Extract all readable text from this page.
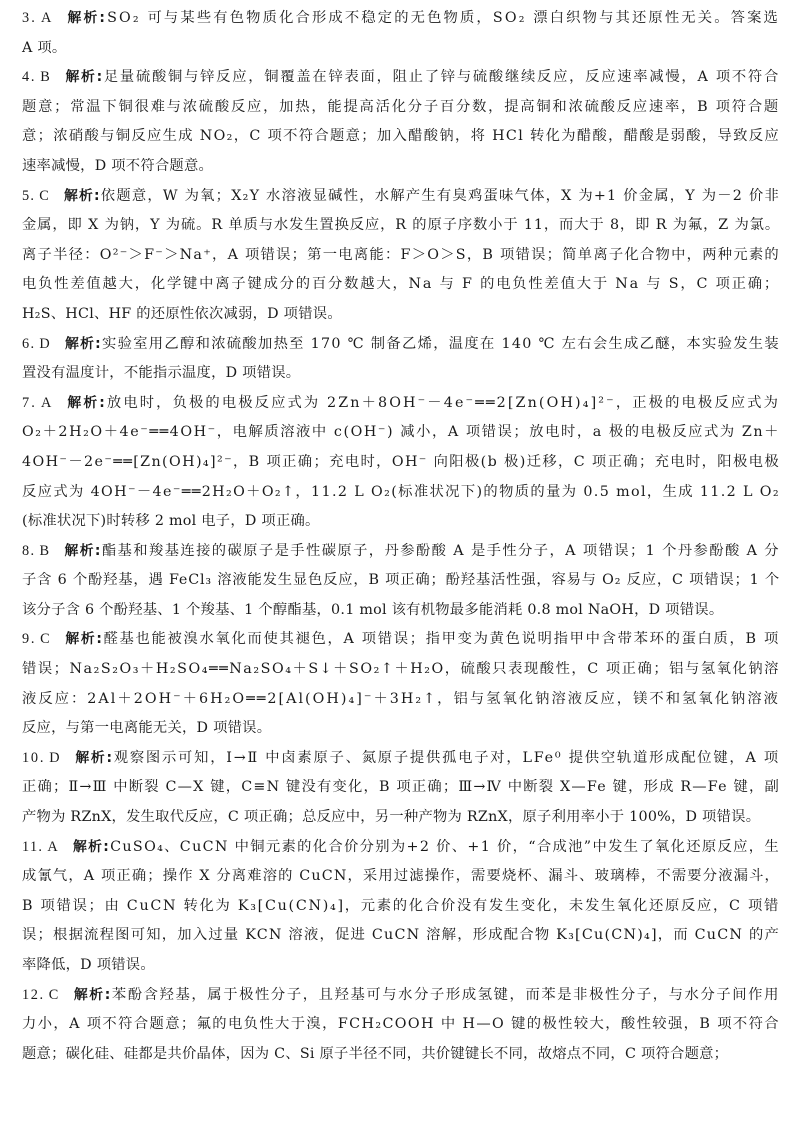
3. A 解析:SO₂ 可与某些有色物质化合形成不稳定的无色物质，SO₂ 漂白织物与其还原性无关。答案选
A 项。
4. B 解析:足量硫酸铜与锌反应，铜覆盖在锌表面，阻止了锌与硫酸继续反应，反应速率减慢，A 项不符合
题意；常温下铜很难与浓硫酸反应，加热，能提高活化分子百分数，提高铜和浓硫酸反应速率，B 项符合题
意；浓硝酸与铜反应生成 NO₂，C 项不符合题意；加入醋酸钠，将 HCl 转化为醋酸，醋酸是弱酸，导致反应
速率减慢，D 项不符合题意。
5. C 解析:依题意，W 为氧；X₂Y 水溶液显碱性，水解产生有臭鸡蛋味气体，X 为+1 价金属，Y 为－2 价非
金属，即 X 为钠，Y 为硫。R 单质与水发生置换反应，R 的原子序数小于 11，而大于 8，即 R 为氟，Z 为氯。
离子半径：O²⁻＞F⁻＞Na⁺，A 项错误；第一电离能：F＞O＞S，B 项错误；简单离子化合物中，两种元素的
电负性差值越大，化学键中离子键成分的百分数越大，Na 与 F 的电负性差值大于 Na 与 S，C 项正确；
H₂S、HCl、HF 的还原性依次减弱，D 项错误。
6. D 解析:实验室用乙醇和浓硫酸加热至 170 ℃ 制备乙烯，温度在 140 ℃ 左右会生成乙醚，本实验发生装
置没有温度计，不能指示温度，D 项错误。
7. A 解析:放电时，负极的电极反应式为 2Zn＋8OH⁻－4e⁻══2[Zn(OH)₄]²⁻，正极的电极反应式为
O₂＋2H₂O＋4e⁻══4OH⁻，电解质溶液中 c(OH⁻) 减小，A 项错误；放电时，a 极的电极反应式为 Zn＋
4OH⁻－2e⁻══[Zn(OH)₄]²⁻，B 项正确；充电时，OH⁻ 向阳极(b 极)迁移，C 项正确；充电时，阳极电极
反应式为 4OH⁻－4e⁻══2H₂O＋O₂↑，11.2 L O₂(标准状况下)的物质的量为 0.5 mol，生成 11.2 L O₂
(标准状况下)时转移 2 mol 电子，D 项正确。
8. B 解析:酯基和羧基连接的碳原子是手性碳原子，丹参酚酸 A 是手性分子，A 项错误；1 个丹参酚酸 A 分
子含 6 个酚羟基，遇 FeCl₃ 溶液能发生显色反应，B 项正确；酚羟基活性强，容易与 O₂ 反应，C 项错误；1 个
该分子含 6 个酚羟基、1 个羧基、1 个醇酯基，0.1 mol 该有机物最多能消耗 0.8 mol NaOH，D 项错误。
9. C 解析:醛基也能被溴水氧化而使其褪色，A 项错误；指甲变为黄色说明指甲中含带苯环的蛋白质，B 项
错误；Na₂S₂O₃＋H₂SO₄══Na₂SO₄＋S↓＋SO₂↑＋H₂O，硫酸只表现酸性，C 项正确；铝与氢氧化钠溶
液反应：2Al＋2OH⁻＋6H₂O══2[Al(OH)₄]⁻＋3H₂↑，铝与氢氧化钠溶液反应，镁不和氢氧化钠溶液
反应，与第一电离能无关，D 项错误。
10. D 解析:观察图示可知，Ⅰ→Ⅱ 中卤素原子、氮原子提供孤电子对，LFe⁰ 提供空轨道形成配位键，A 项
正确；Ⅱ→Ⅲ 中断裂 C—X 键，C≡N 键没有变化，B 项正确；Ⅲ→Ⅳ 中断裂 X—Fe 键，形成 R—Fe 键，副
产物为 RZnX，发生取代反应，C 项正确；总反应中，另一种产物为 RZnX，原子利用率小于 100%，D 项错误。
11. A 解析:CuSO₄、CuCN 中铜元素的化合价分别为+2 价、+1 价，“合成池”中发生了氧化还原反应，生
成氰气，A 项正确；操作 X 分离难溶的 CuCN，采用过滤操作，需要烧杯、漏斗、玻璃棒，不需要分液漏斗，
B 项错误；由 CuCN 转化为 K₃[Cu(CN)₄]，元素的化合价没有发生变化，未发生氧化还原反应，C 项错
误；根据流程图可知，加入过量 KCN 溶液，促进 CuCN 溶解，形成配合物 K₃[Cu(CN)₄]，而 CuCN 的产
率降低，D 项错误。
12. C 解析:苯酚含羟基，属于极性分子，且羟基可与水分子形成氢键，而苯是非极性分子，与水分子间作用
力小，A 项不符合题意；氟的电负性大于溴，FCH₂COOH 中 H—O 键的极性较大，酸性较强，B 项不符合
题意；碳化硅、硅都是共价晶体，因为 C、Si 原子半径不同，共价键键长不同，故熔点不同，C 项符合题意；
